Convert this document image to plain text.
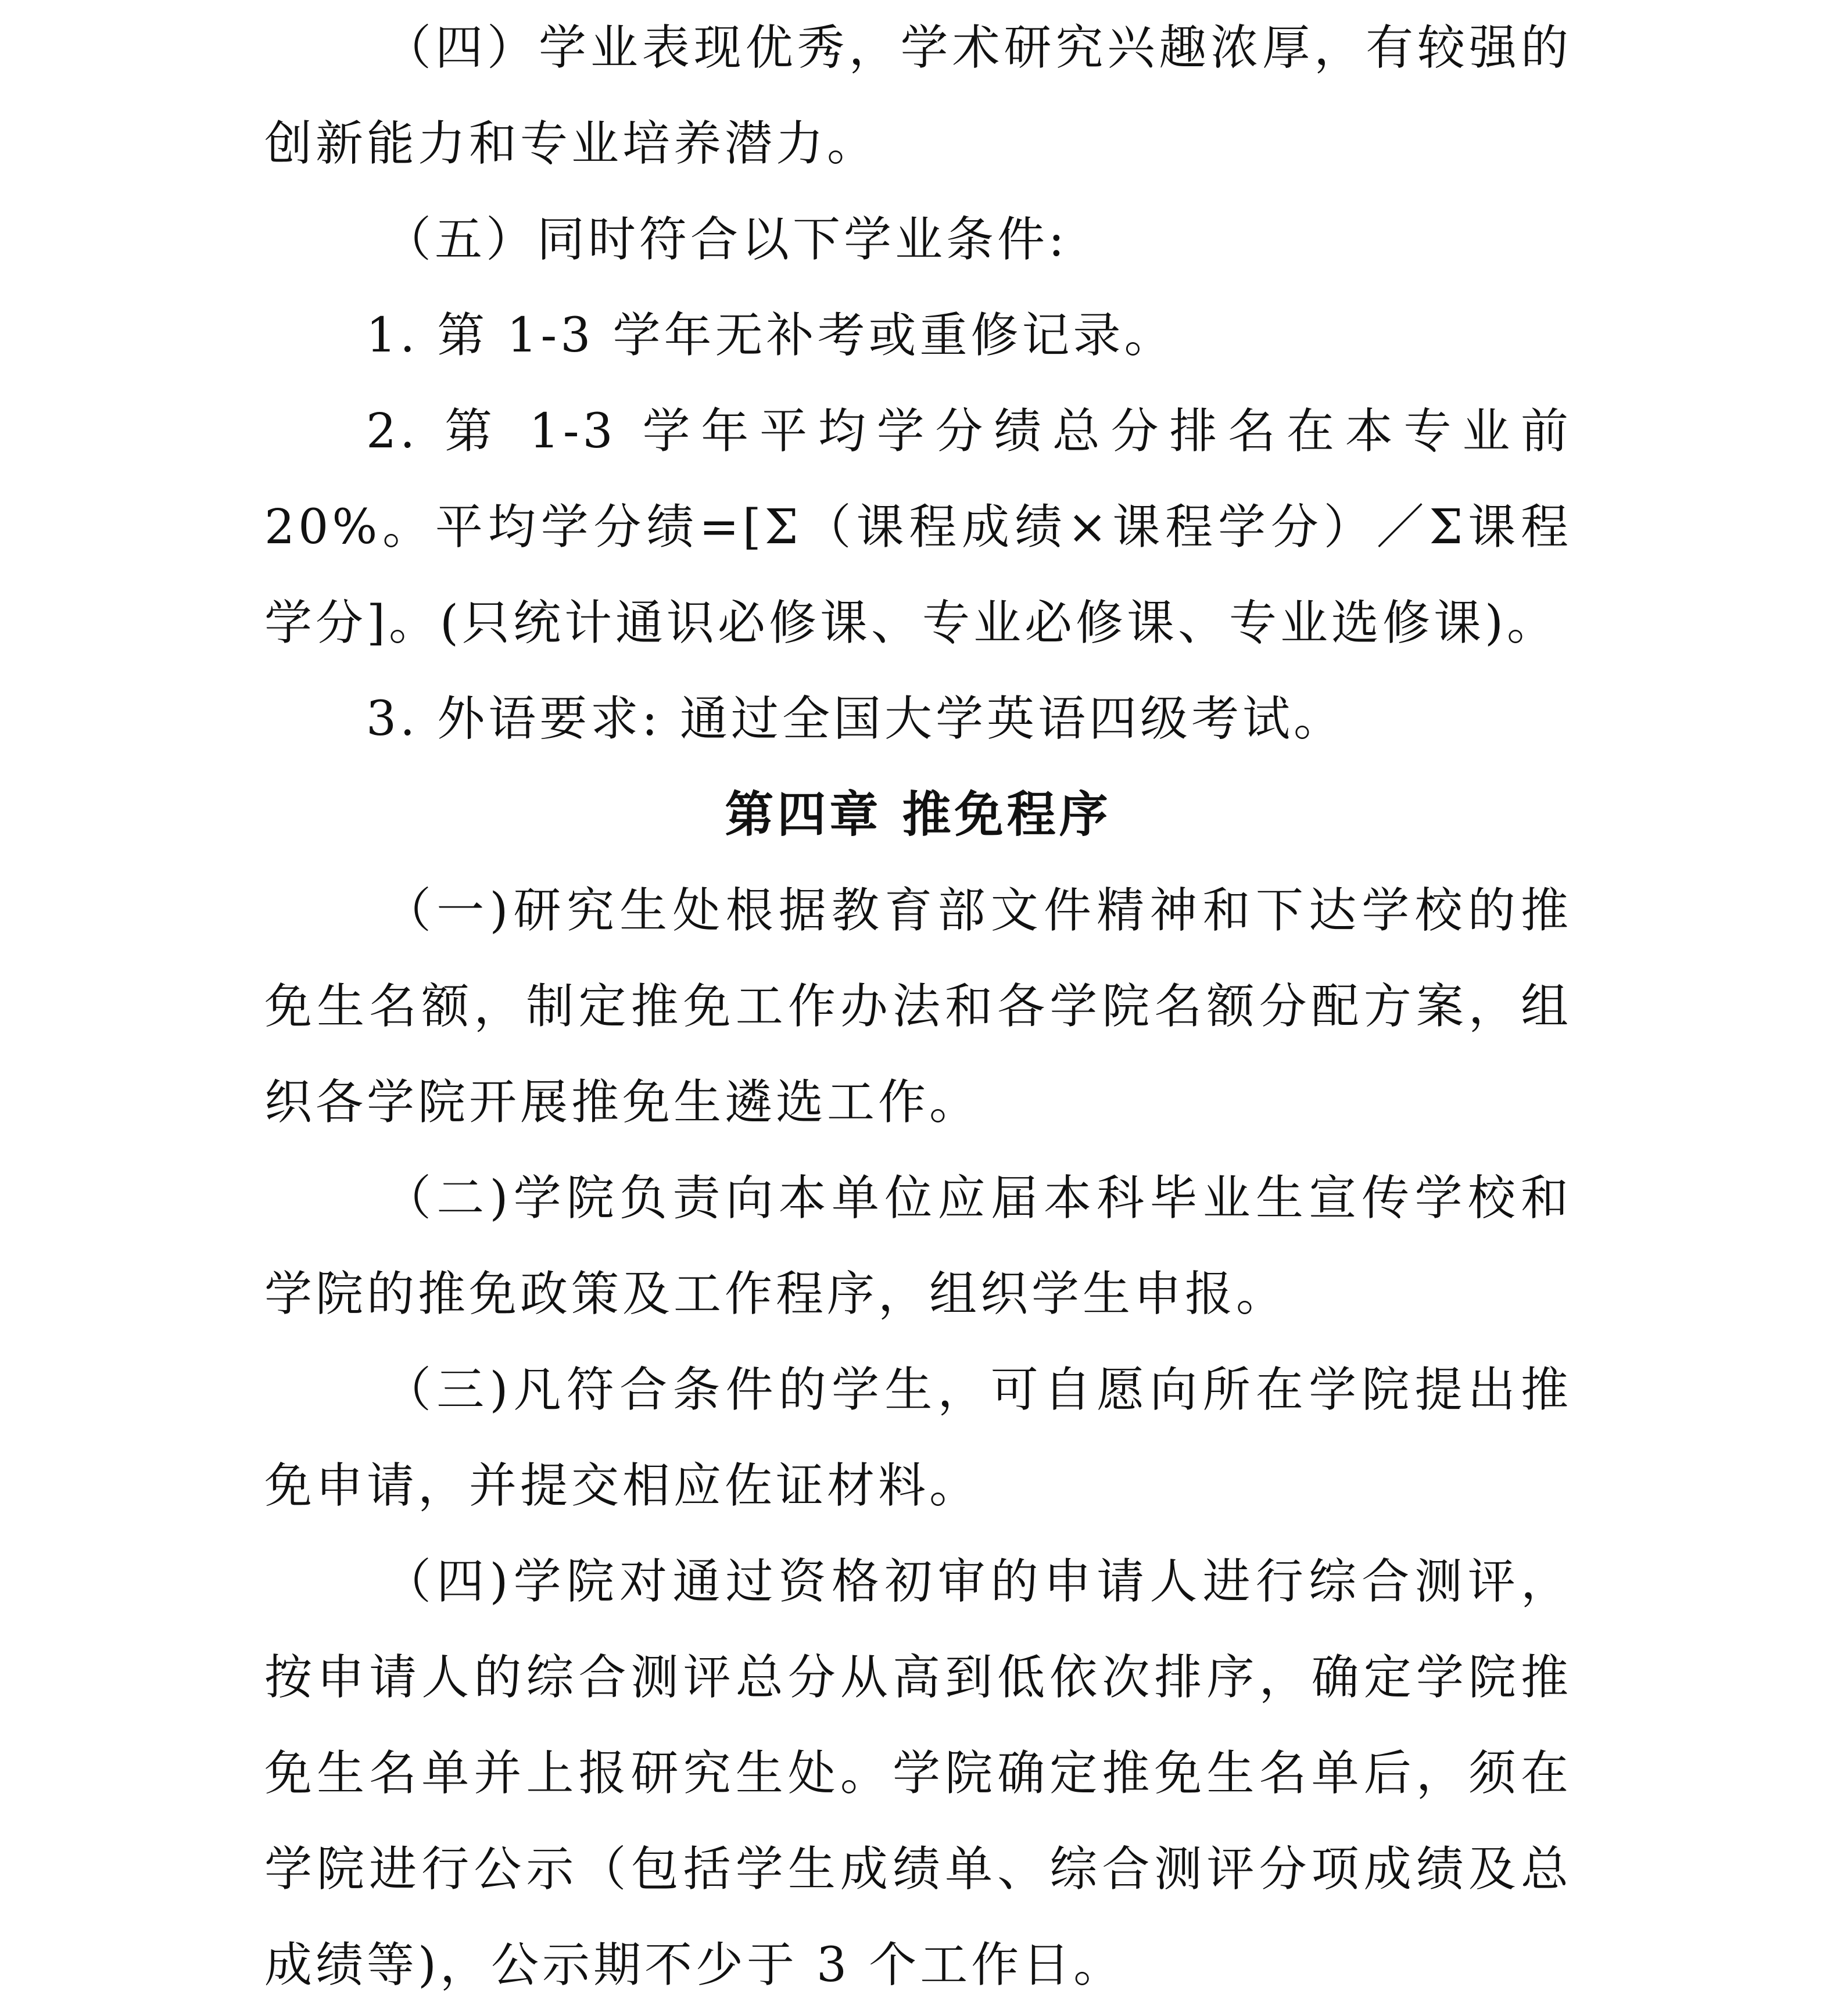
（四）学业表现优秀，学术研究兴趣浓厚，有较强的创新能力和专业培养潜力。

（五）同时符合以下学业条件:

1. 第 1-3 学年无补考或重修记录。

2. 第 1-3 学年平均学分绩总分排名在本专业前 20%。平均学分绩=[Σ（课程成绩×课程学分）／Σ课程学分]。(只统计通识必修课、专业必修课、专业选修课)。

3. 外语要求: 通过全国大学英语四级考试。

第四章 推免程序

（一)研究生处根据教育部文件精神和下达学校的推免生名额，制定推免工作办法和各学院名额分配方案，组织各学院开展推免生遴选工作。

（二)学院负责向本单位应届本科毕业生宣传学校和学院的推免政策及工作程序，组织学生申报。

（三)凡符合条件的学生，可自愿向所在学院提出推免申请，并提交相应佐证材料。

（四)学院对通过资格初审的申请人进行综合测评，按申请人的综合测评总分从高到低依次排序，确定学院推免生名单并上报研究生处。学院确定推免生名单后，须在学院进行公示（包括学生成绩单、综合测评分项成绩及总成绩等)，公示期不少于 3 个工作日。
